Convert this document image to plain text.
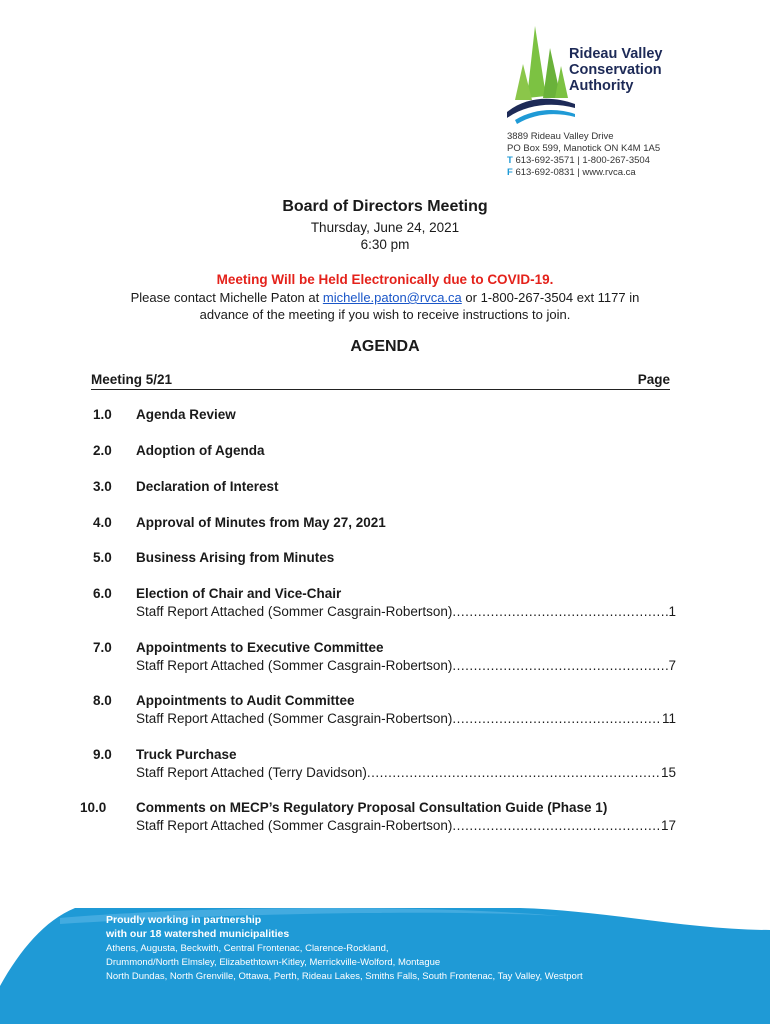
Rideau Valley
Conservation
Authority
3889 Rideau Valley Drive
PO Box 599, Manotick ON K4M 1A5
T 613-692-3571 | 1-800-267-3504
F 613-692-0831 | www.rvca.ca
Board of Directors Meeting
Thursday, June 24, 2021
6:30 pm
Meeting Will be Held Electronically due to COVID-19.
Please contact Michelle Paton at michelle.paton@rvca.ca or 1-800-267-3504 ext 1177 in
advance of the meeting if you wish to receive instructions to join.
AGENDA
Meeting 5/21	Page
1.0 Agenda Review
2.0 Adoption of Agenda
3.0 Declaration of Interest
4.0 Approval of Minutes from May 27, 2021
5.0 Business Arising from Minutes
6.0 Election of Chair and Vice-Chair
Staff Report Attached (Sommer Casgrain-Robertson) .....	1
7.0 Appointments to Executive Committee
Staff Report Attached (Sommer Casgrain-Robertson) .....	7
8.0 Appointments to Audit Committee
Staff Report Attached (Sommer Casgrain-Robertson) .....	11
9.0 Truck Purchase
Staff Report Attached (Terry Davidson) .....	15
10.0 Comments on MECP’s Regulatory Proposal Consultation Guide (Phase 1)
Staff Report Attached (Sommer Casgrain-Robertson) .....	17
Proudly working in partnership
with our 18 watershed municipalities
Athens, Augusta, Beckwith, Central Frontenac, Clarence-Rockland,
Drummond/North Elmsley, Elizabethtown-Kitley, Merrickville-Wolford, Montague
North Dundas, North Grenville, Ottawa, Perth, Rideau Lakes, Smiths Falls, South Frontenac, Tay Valley, Westport
